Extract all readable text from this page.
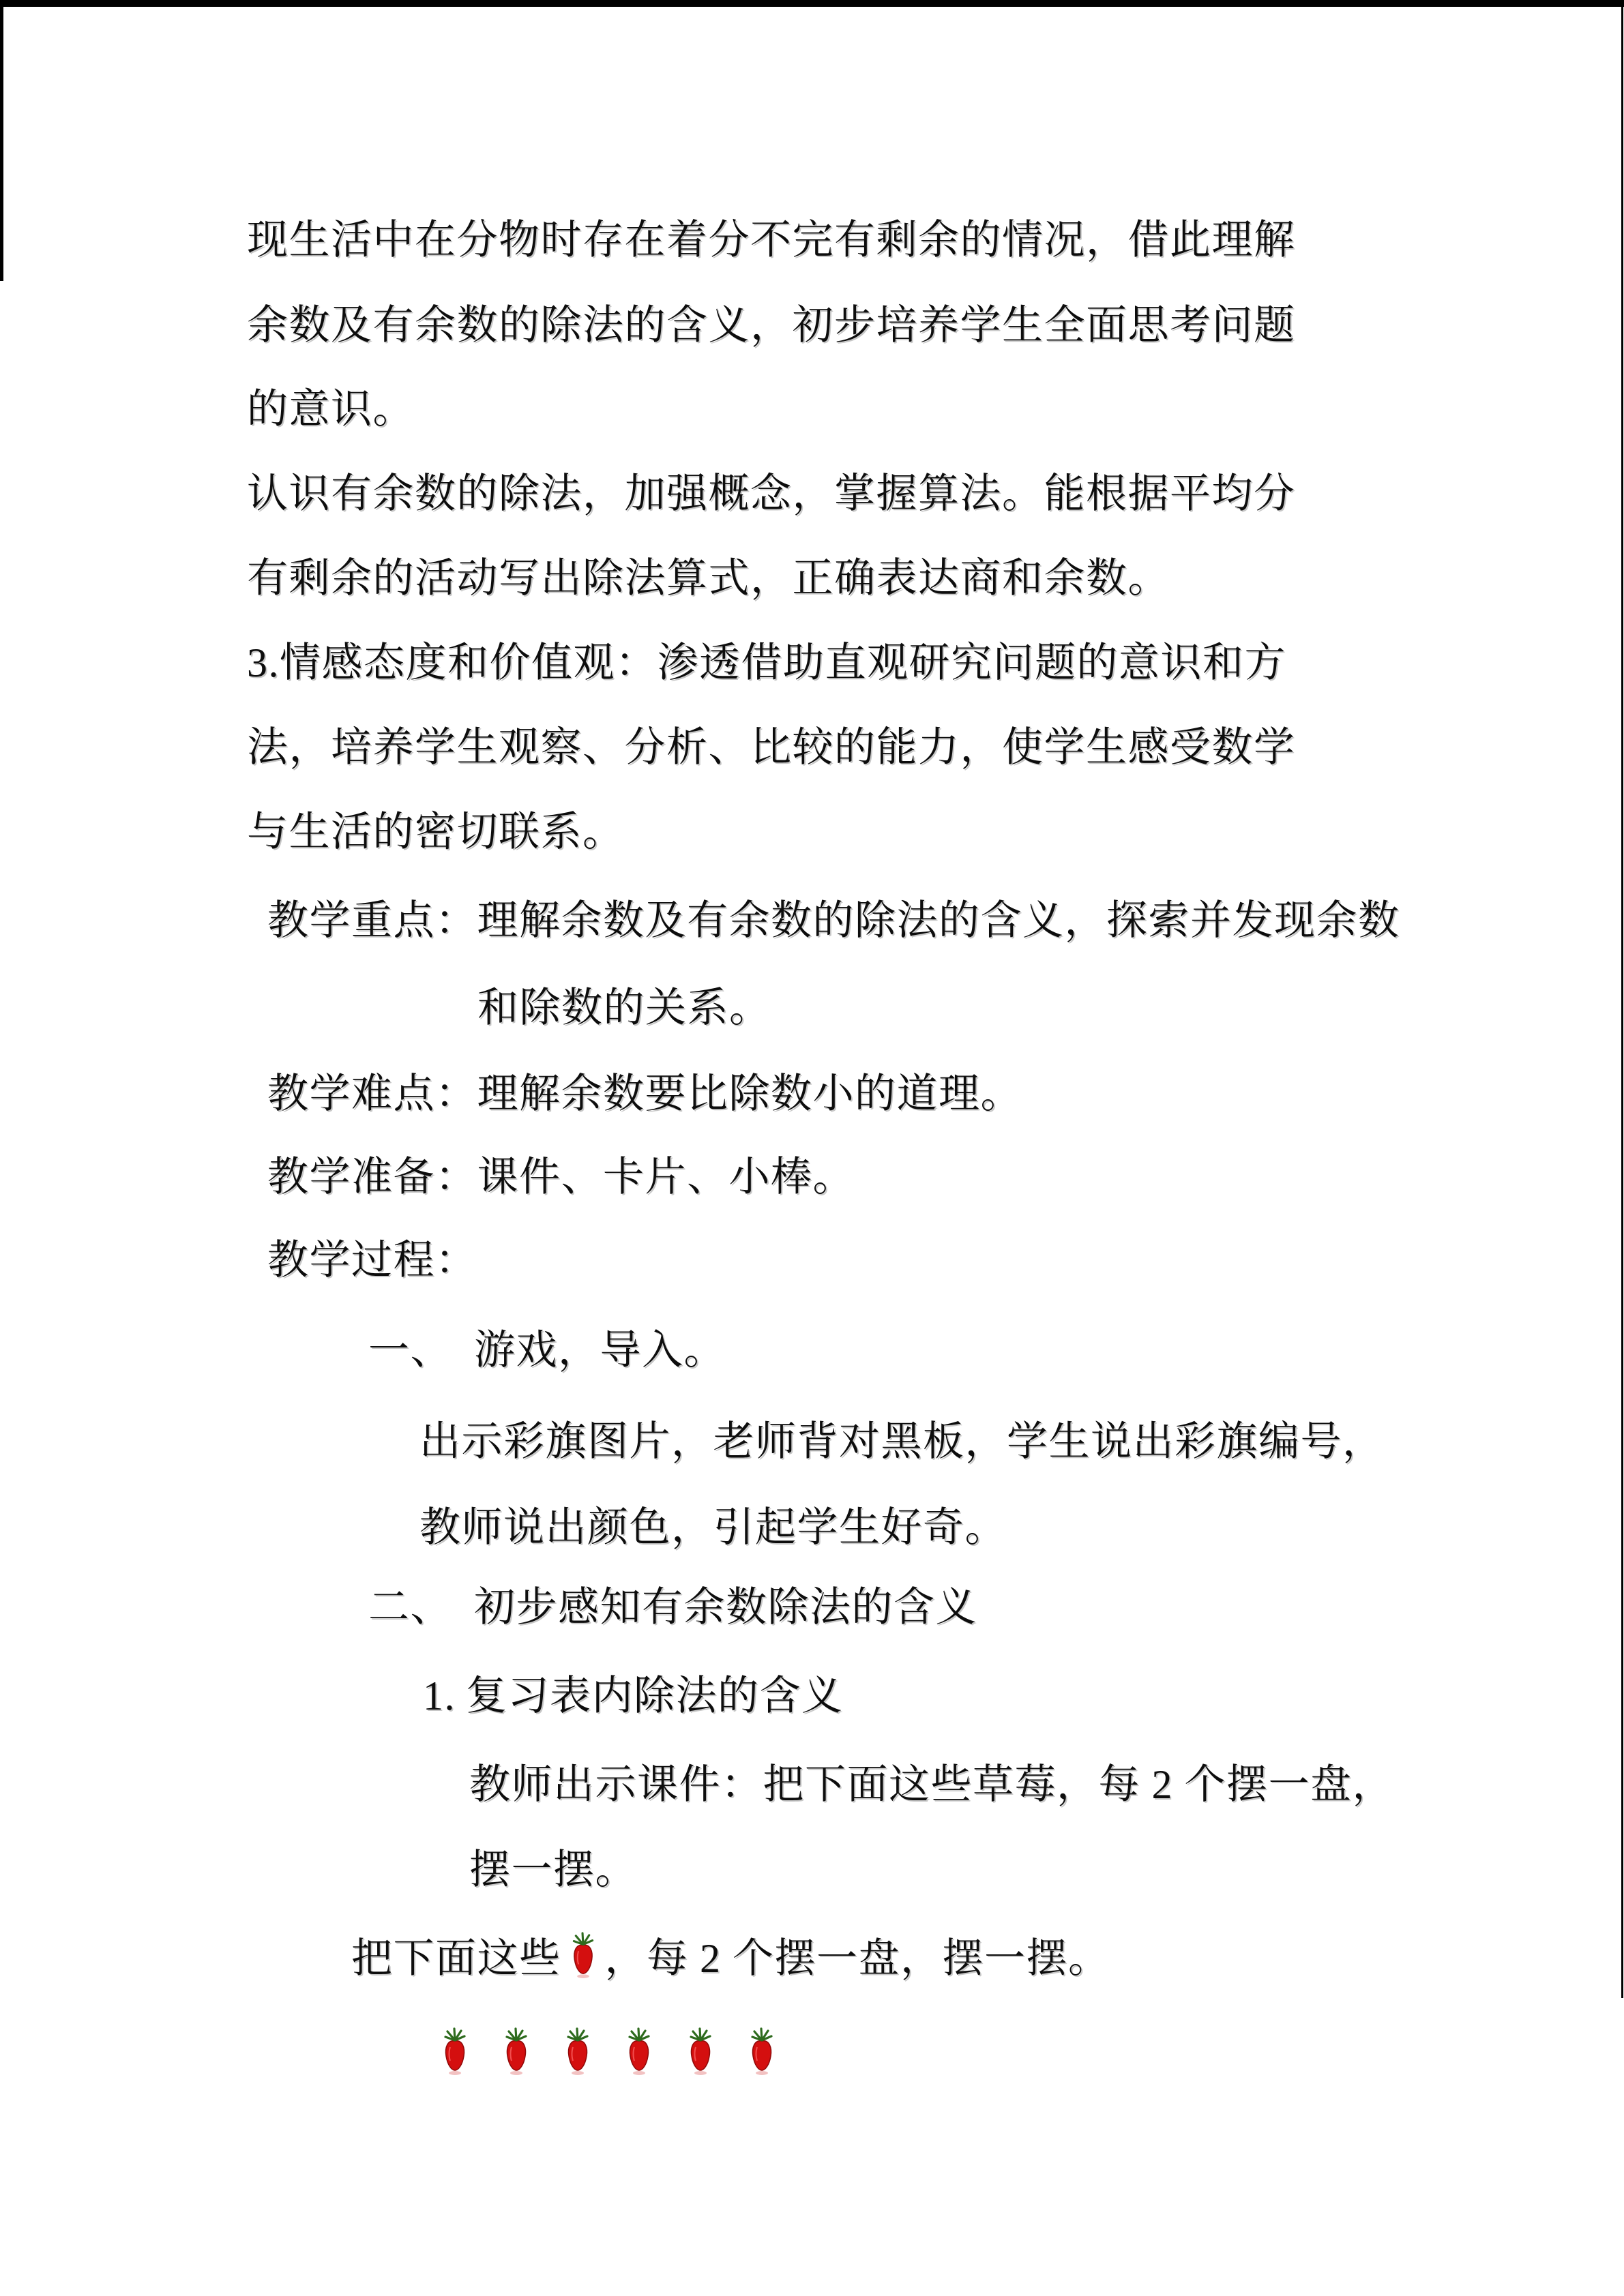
现生活中在分物时存在着分不完有剩余的情况，借此理解
余数及有余数的除法的含义，初步培养学生全面思考问题
的意识。
认识有余数的除法，加强概念，掌握算法。能根据平均分
有剩余的活动写出除法算式，正确表达商和余数。
3.情感态度和价值观：渗透借助直观研究问题的意识和方
法，培养学生观察、分析、比较的能力，使学生感受数学
与生活的密切联系。
教学重点：理解余数及有余数的除法的含义，探索并发现余数
和除数的关系。
教学难点：理解余数要比除数小的道理。
教学准备：课件、卡片、小棒。
教学过程：
一、 游戏，导入。
出示彩旗图片，老师背对黑板，学生说出彩旗编号，
教师说出颜色，引起学生好奇。
二、 初步感知有余数除法的含义
1. 复习表内除法的含义
教师出示课件：把下面这些草莓，每 2 个摆一盘，
摆一摆。
把下面这些 ，每 2 个摆一盘，摆一摆。
